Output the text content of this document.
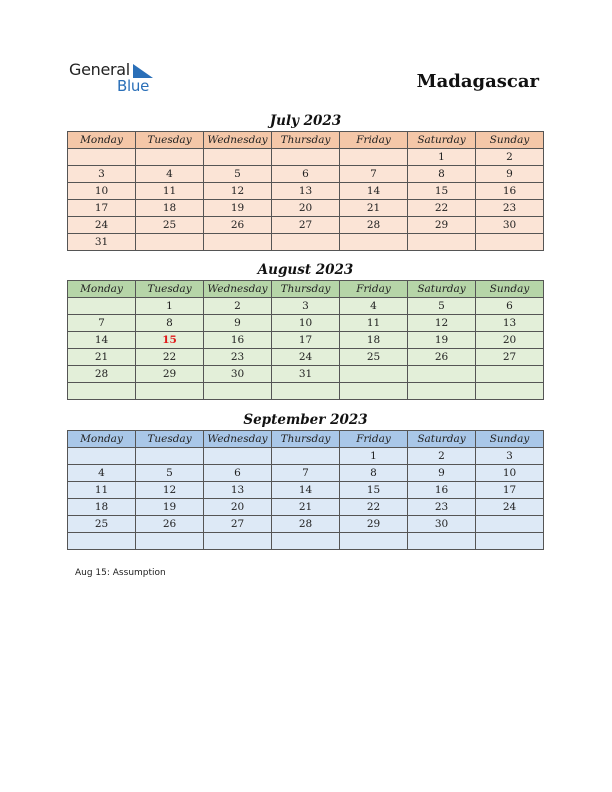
General
Blue	Madagascar
July 2023
Monday	Tuesday	Wednesday	Thursday	Friday	Saturday	Sunday
					1	2
3	4	5	6	7	8	9
10	11	12	13	14	15	16
17	18	19	20	21	22	23
24	25	26	27	28	29	30
31						
August 2023
Monday	Tuesday	Wednesday	Thursday	Friday	Saturday	Sunday
	1	2	3	4	5	6
7	8	9	10	11	12	13
14	15	16	17	18	19	20
21	22	23	24	25	26	27
28	29	30	31			

September 2023
Monday	Tuesday	Wednesday	Thursday	Friday	Saturday	Sunday
				1	2	3
4	5	6	7	8	9	10
11	12	13	14	15	16	17
18	19	20	21	22	23	24
25	26	27	28	29	30	

Aug 15: Assumption
